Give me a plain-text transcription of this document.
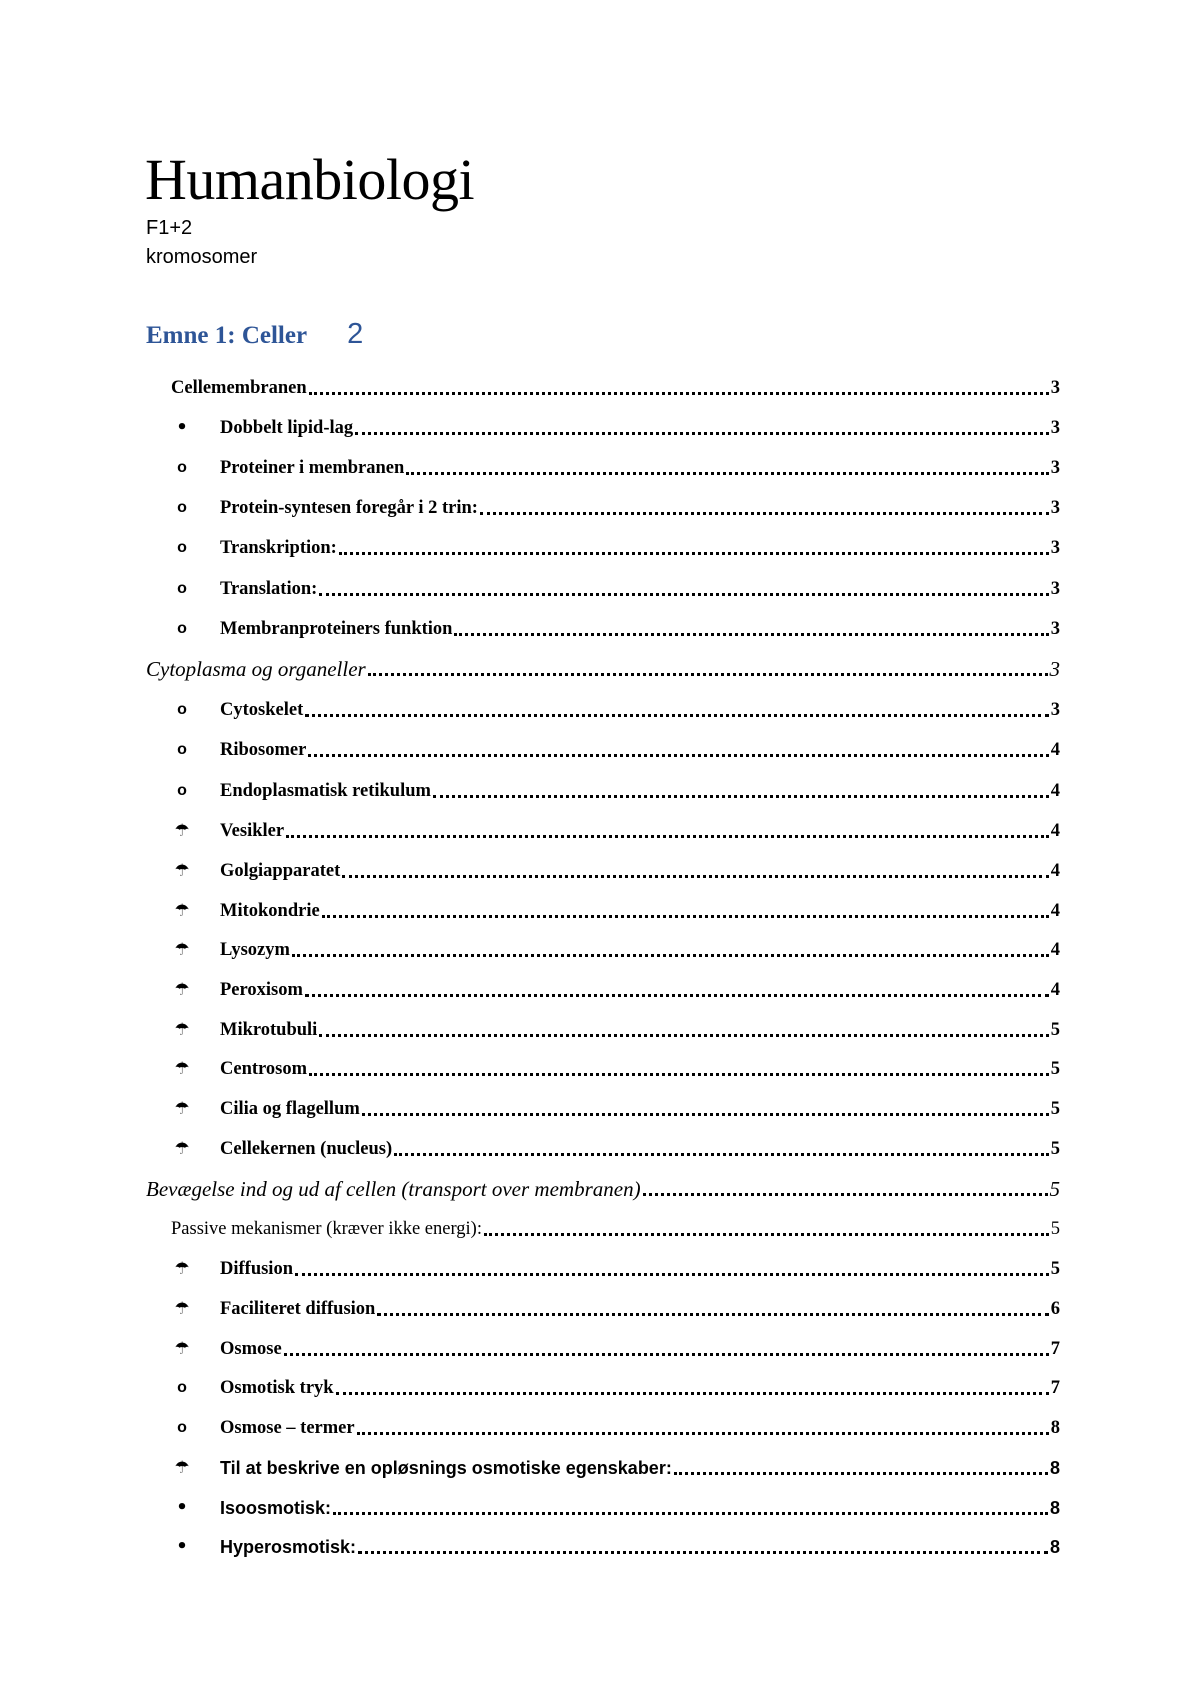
Humanbiologi
F1+2
kromosomer
Emne 1: Celler 2
Cellemembranen	3
• Dobbelt lipid-lag	3
o Proteiner i membranen	3
o Protein-syntesen foregår i 2 trin:	3
o Transkription:	3
o Translation:	3
o Membranproteiners funktion	3
Cytoplasma og organeller	3
o Cytoskelet	3
o Ribosomer	4
o Endoplasmatisk retikulum	4
☂ Vesikler	4
☂ Golgiapparatet	4
☂ Mitokondrie	4
☂ Lysozym	4
☂ Peroxisom	4
☂ Mikrotubuli	5
☂ Centrosom	5
☂ Cilia og flagellum	5
☂ Cellekernen (nucleus)	5
Bevægelse ind og ud af cellen (transport over membranen)	5
Passive mekanismer (kræver ikke energi):	5
☂ Diffusion	5
☂ Faciliteret diffusion	6
☂ Osmose	7
o Osmotisk tryk	7
o Osmose – termer	8
☂ Til at beskrive en opløsnings osmotiske egenskaber:	8
• Isoosmotisk:	8
• Hyperosmotisk:	8
